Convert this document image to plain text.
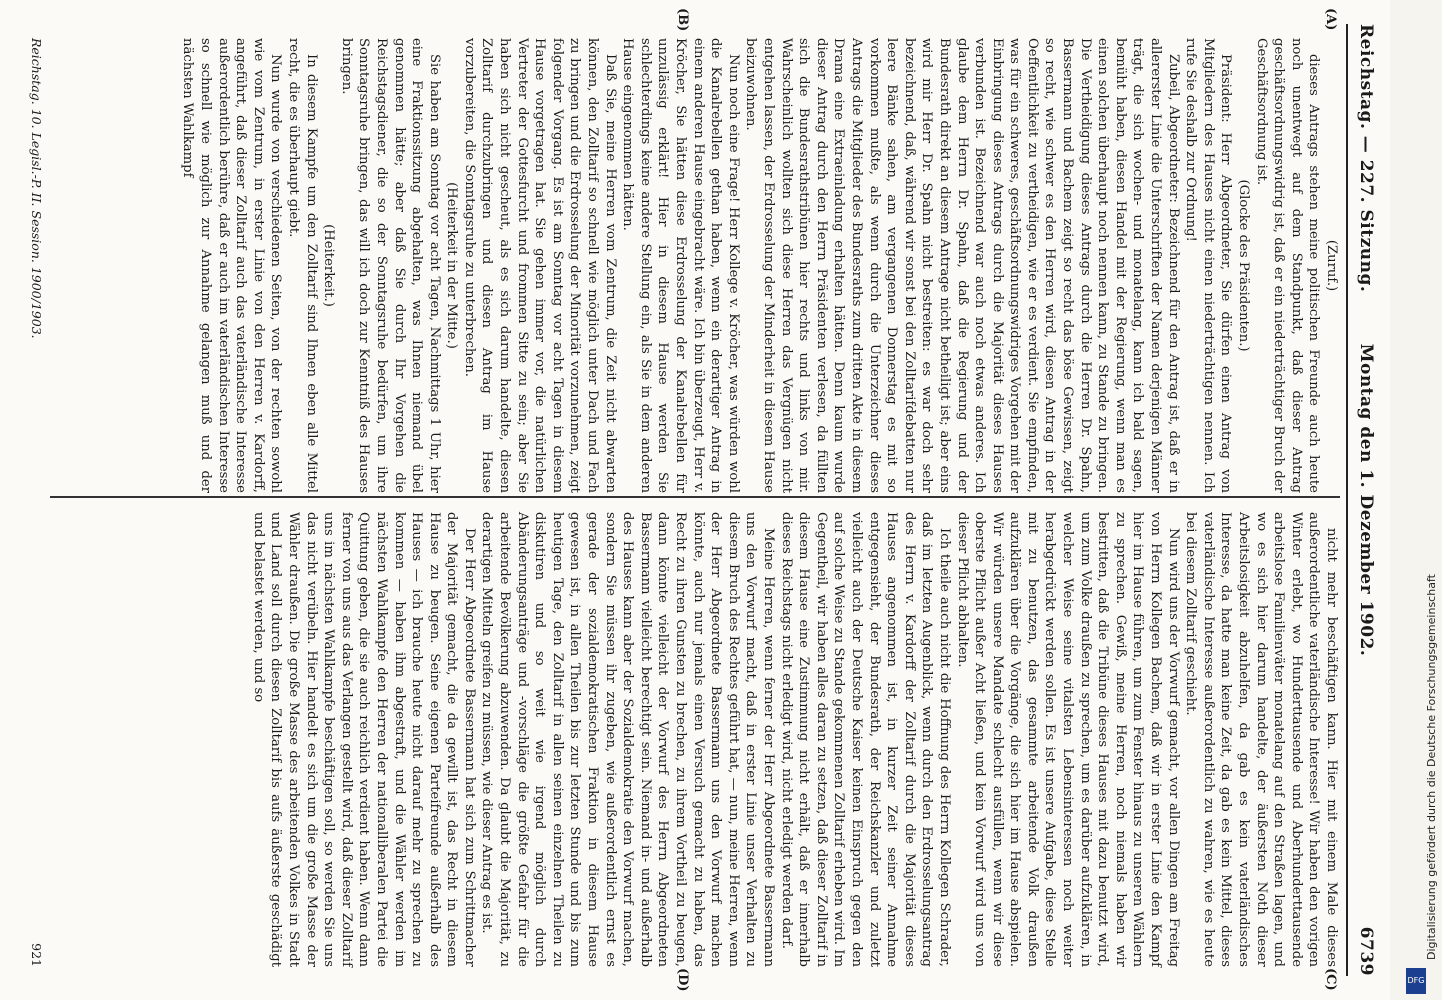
Reichstag. — 227. Sitzung.
Montag den 1. Dezember 1902.
6739
(A)
(B)
(C)
(D)

(Zuruf.)

dieses Antrags stehen meine politischen Freunde auch heute noch unentwegt auf dem Standpunkt, daß dieser Antrag geschäftsordnungswidrig ist, daß er ein niederträchtiger Bruch der Geschäftsordnung ist.

(Glocke des Präsidenten.)

Präsident: Herr Abgeordneter, Sie dürfen einen Antrag von Mitgliedern des Hauses nicht einen niederträchtigen nennen. Ich rufe Sie deshalb zur Ordnung!

Zubeil, Abgeordneter: Bezeichnend für den Antrag ist, daß er in allererster Linie die Unterschriften der Namen derjenigen Männer trägt, die sich wochen- und monatelang, kann ich bald sagen, bemüht haben, diesen Handel mit der Regierung, wenn man es einen solchen überhaupt noch nennen kann, zu Stande zu bringen. Die Vertheidigung dieses Antrags durch die Herren Dr. Spahn, Bassermann und Bachem zeigt so recht das böse Gewissen, zeigt so recht, wie schwer es den Herren wird, diesen Antrag in der Oeffentlichkeit zu vertheidigen, wie er es verdient. Sie empfinden, was für ein schweres, geschäftsordnungswidriges Vorgehen mit der Einbringung dieses Antrags durch die Majorität dieses Hauses verbunden ist. Bezeichnend war auch noch etwas anderes. Ich glaube dem Herrn Dr. Spahn, daß die Regierung und der Bundesrath direkt an diesem Antrage nicht betheiligt ist; aber eins wird mir Herr Dr. Spahn nicht bestreiten: es war doch sehr bezeichnend, daß, während wir sonst bei den Zolltarifdebatten nur leere Bänke sahen, am vergangenen Donnerstag es mit so vorkommen mußte, als wenn durch die Unterzeichner dieses Antrags die Mitglieder des Bundesraths zum dritten Akte in diesem Drama eine Extraeinladung erhalten hätten. Denn kaum wurde dieser Antrag durch den Herrn Präsidenten verlesen, da füllten sich die Bundesrathstribünen hier rechts und links von mir. Wahrscheinlich wollten sich diese Herren das Vergnügen nicht entgehen lassen, der Erdrosselung der Minderheit in diesem Hause beizuwohnen.

Nun noch eine Frage! Herr Kollege v. Kröcher, was würden wohl die Kanalrebellen gethan haben, wenn ein derartiger Antrag in einem anderen Hause eingebracht wäre. Ich bin überzeugt, Herr v. Kröcher, Sie hätten diese Erdrosselung der Kanalrebellen für unzulässig erklärt! Hier in diesem Hause werden Sie schlechterdings keine andere Stellung ein, als Sie in dem anderen Hause eingenommen hätten.

Daß Sie, meine Herren vom Zentrum, die Zeit nicht abwarten können, den Zolltarif so schnell wie möglich unter Dach und Fach zu bringen und die Erdrosselung der Minorität vorzunehmen, zeigt folgender Vorgang. Es ist am Sonntag vor acht Tagen in diesem Hause vorgetragen hat. Sie gehen immer vor, die natürlichen Vertreter der Gottesfurcht und frommen Sitte zu sein; aber Sie haben sich nicht gescheut, als es sich darum handelte, diesen Zolltarif durchzubringen und diesen Antrag im Hause vorzubereiten, die Sonntagsruhe zu unterbrechen.

(Heiterkeit in der Mitte.)

Sie haben am Sonntag vor acht Tagen, Nachmittags 1 Uhr, hier eine Fraktionssitzung abgehalten, was Ihnen niemand übel genommen hätte; aber daß Sie durch Ihr Vorgehen die Reichstagsdiener, die so der Sonntagsruhe bedürfen, um ihre Sonntagsruhe bringen, das will ich doch zur Kenntniß des Hauses bringen.

(Heiterkeit.)

In diesem Kampfe um den Zolltarif sind Ihnen eben alle Mittel recht, die es überhaupt giebt.

Nun wurde von verschiedenen Seiten, von der rechten sowohl wie vom Zentrum, in erster Linie von den Herren v. Kardorff, angeführt, daß dieser Zolltarif auch das vaterländische Interesse außerordentlich berühre, daß er auch im vaterländischen Interesse so schnell wie möglich zur Annahme gelangen muß und der nächsten Wahlkampf

nicht mehr beschäftigen kann. Hier mit einem Male dieses außerordentliche vaterländische Interesse! Wir haben den vorigen Winter erlebt, wo Hunderttausende und Aberhunderttausende arbeitslose Familienväter monatelang auf den Straßen lagen, und wo es sich hier darum handelte, der äußersten Noth dieser Arbeitslosigkeit abzuhelfen, da gab es kein vaterländisches Interesse, da hatte man keine Zeit, da gab es kein Mittel, dieses vaterländische Interesse außerordentlich zu wahren, wie es heute bei diesem Zolltarif geschieht.

Nun wird uns der Vorwurf gemacht, vor allen Dingen am Freitag von Herrn Kollegen Bachem, daß wir in erster Linie den Kampf hier im Hause führen, um zum Fenster hinaus zu unseren Wählern zu sprechen. Gewiß, meine Herren, noch niemals haben wir bestritten, daß die Tribüne dieses Hauses mit dazu benutzt wird, um zum Volke draußen zu sprechen, um es darüber aufzuklären, in welcher Weise seine vitalsten Lebensinteressen noch weiter herabgedrückt werden sollen. Es ist unsere Aufgabe, diese Stelle mit zu benutzen, das gesammte arbeitende Volk draußen aufzuklären über die Vorgänge, die sich hier im Hause abspielen. Wir würden unsere Mandate schlecht ausfüllen, wenn wir diese oberste Pflicht außer Acht ließen, und kein Vorwurf wird uns von dieser Pflicht abhalten.

Ich theile auch nicht die Hoffnung des Herrn Kollegen Schrader, daß im letzten Augenblick, wenn durch den Erdrosselungsantrag des Herrn v. Kardorff der Zolltarif durch die Majorität dieses Hauses angenommen ist, in kurzer Zeit seiner Annahme entgegensieht, der Bundesrath, der Reichskanzler und zuletzt vielleicht auch der Deutsche Kaiser keinen Einspruch gegen den auf solche Weise zu Stande gekommenen Zolltarif erheben wird. Im Gegentheil, wir haben alles daran zu setzen, daß dieser Zolltarif in diesem Hause eine Zustimmung nicht erhält, daß er innerhalb dieses Reichstags nicht erledigt wird, nicht erledigt werden darf.

Meine Herren, wenn ferner der Herr Abgeordnete Bassermann uns den Vorwurf macht, daß in erster Linie unser Verhalten zu diesem Bruch des Rechtes geführt hat, — nun, meine Herren, wenn der Herr Abgeordnete Bassermann uns den Vorwurf machen könnte, auch nur jemals einen Versuch gemacht zu haben, das Recht zu ihren Gunsten zu brechen, zu ihrem Vortheil zu beugen, dann könnte vielleicht der Vorwurf des Herrn Abgeordneten Bassermann vielleicht berechtigt sein. Niemand in- und außerhalb des Hauses kann aber der Sozialdemokratie den Vorwurf machen, sondern Sie müssen ihr zugeben, wie außerordentlich ernst es gerade der sozialdemokratischen Fraktion in diesem Hause gewesen ist, in allen Theilen bis zur letzten Stunde und bis zum heutigen Tage, den Zolltarif in allen seinen einzelnen Theilen zu diskutiren und so weit wie irgend möglich durch Abänderungsanträge und -vorschläge die größte Gefahr für die arbeitende Bevölkerung abzuwenden. Da glaubt die Majorität, zu derartigen Mitteln greifen zu müssen, wie dieser Antrag es ist.

Der Herr Abgeordnete Bassermann hat sich zum Schrittmacher der Majorität gemacht, die da gewillt ist, das Recht in diesem Hause zu beugen. Seine eigenen Parteifreunde außerhalb des Hauses — ich brauche heute nicht darauf mehr zu sprechen zu kommen — haben ihm abgestraft, und die Wähler werden im nächsten Wahlkampfe den Herren der nationalliberalen Partei die Quittung geben, die sie auch reichlich verdient haben. Wenn dann ferner von uns aus das Verlangen gestellt wird, daß dieser Zolltarif uns im nächsten Wahlkampfe beschäftigen soll, so werden Sie uns das nicht verübeln. Hier handelt es sich um die große Masse der Wähler draußen. Die große Masse des arbeitenden Volkes in Stadt und Land soll durch diesen Zolltarif bis aufs äußerste geschädigt und belastet werden, und so

Reichstag. 10. Legisl.-P. II. Session. 1900/1903.
921	Digitalisierung gefördert durch die Deutsche Forschungsgemeinschaft
DFG
